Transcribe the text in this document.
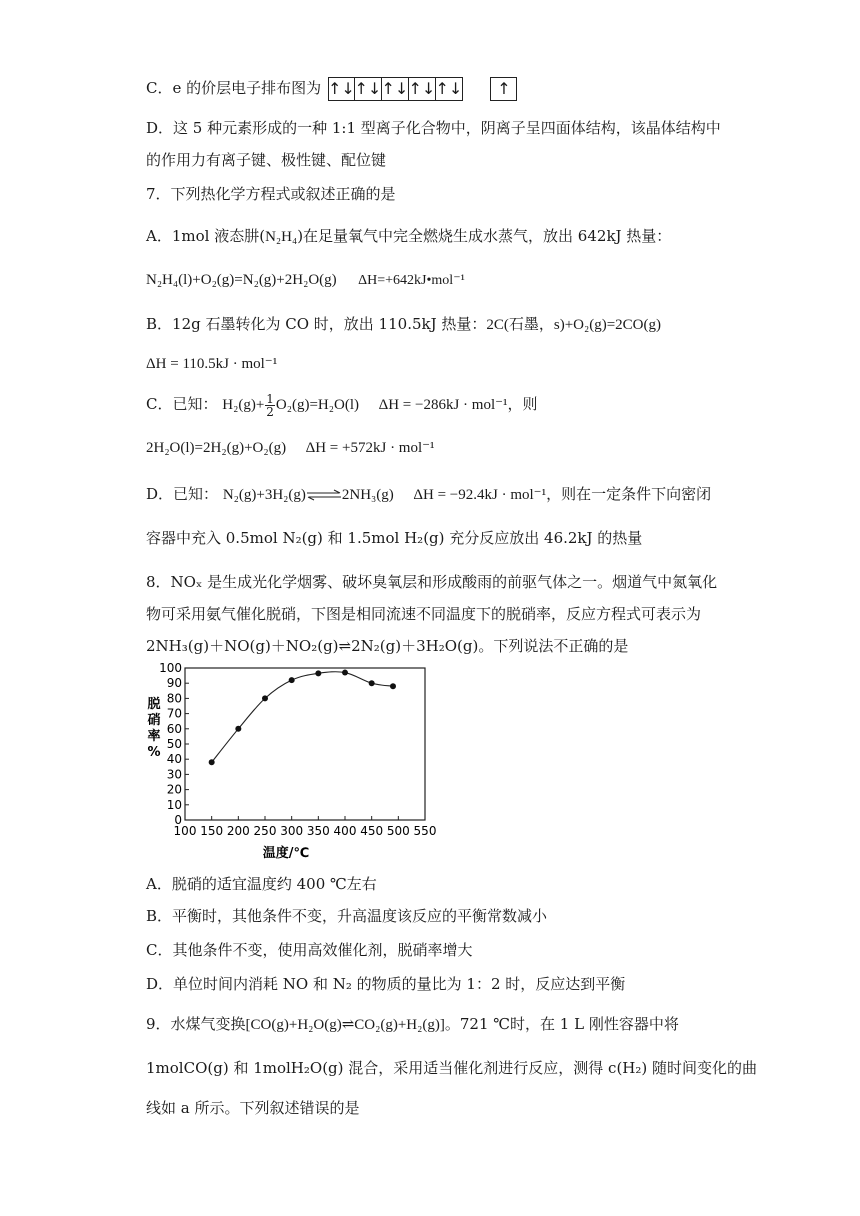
C．e 的价层电子排布图为 ↑↓ ↑↓ ↑↓ ↑↓ ↑↓
	↑
D．这 5 种元素形成的一种 1:1 型离子化合物中，阴离子呈四面体结构，该晶体结构中
的作用力有离子键、极性键、配位键
7．下列热化学方程式或叙述正确的是
A．1mol 液态肼(N₂H₄)在足量氧气中完全燃烧生成水蒸气，放出 642kJ 热量：
N₂H₄(l)+O₂(g)=N₂(g)+2H₂O(g) ΔH=+642kJ•mol⁻¹
B．12g 石墨转化为 CO 时，放出 110.5kJ 热量：2C(石墨，s)+O₂(g)=2CO(g)
ΔH = 110.5kJ · mol⁻¹
C．已知： $H_2(g)+ \frac{1}{2} O_2(g)=H_2O(l) \Delta H = -286kJ \cdot mol^{-1}$，则
2H₂O(l)=2H₂(g)+O₂(g) ΔH = +572kJ · mol⁻¹
D．已知： N₂(g)+3H₂(g)⇌2NH₃(g) ΔH = −92.4kJ · mol⁻¹，则在一定条件下向密闭
容器中充入 0.5mol N₂(g) 和 1.5mol H₂(g) 充分反应放出 46.2kJ 的热量
8．NOₓ 是生成光化学烟雾、破坏臭氧层和形成酸雨的前驱气体之一。烟道气中氮氧化
物可采用氨气催化脱硝，下图是相同流速不同温度下的脱硝率，反应方程式可表示为
2NH₃(g)＋NO(g)＋NO₂(g)⇌2N₂(g)＋3H₂O(g)。下列说法不正确的是
0
10
20
30
40
50
60
70
80
90
100
100 150 200 250 300 350 400 450 500 550
脱硝率%
温度/℃
A．脱硝的适宜温度约 400 ℃左右
B．平衡时，其他条件不变，升高温度该反应的平衡常数减小
C．其他条件不变，使用高效催化剂，脱硝率增大
D．单位时间内消耗 NO 和 N₂ 的物质的量比为 1：2 时，反应达到平衡
9．水煤气变换[CO(g)+H₂O(g)⇌CO₂(g)+H₂(g)]。721 ℃时，在 1 L 刚性容器中将
1molCO(g) 和 1molH₂O(g) 混合，采用适当催化剂进行反应，测得 c(H₂) 随时间变化的曲
线如 a 所示。下列叙述错误的是
